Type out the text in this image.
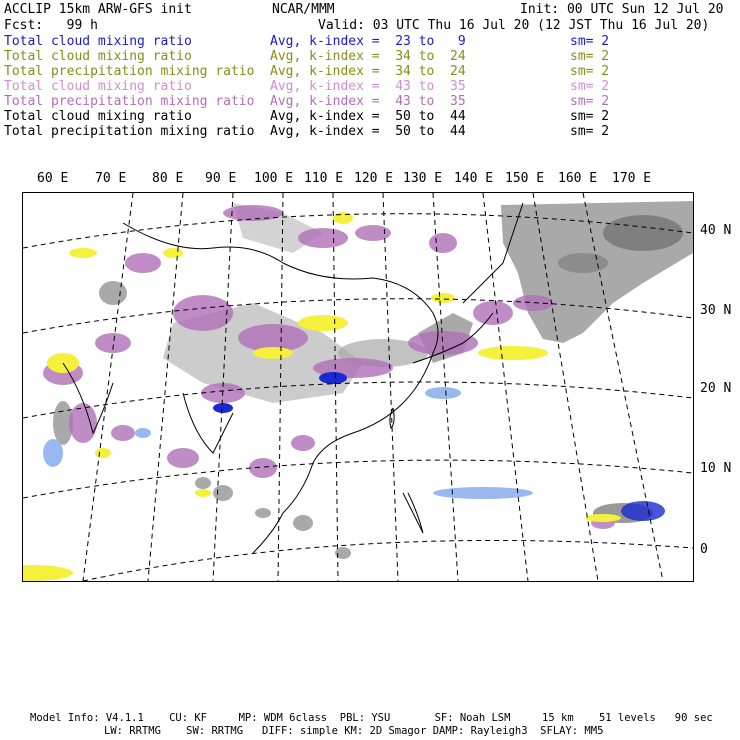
ACCLIP 15km ARW-GFS init	NCAR/MMM	Init: 00 UTC Sun 12 Jul 20
Fcst:   99 h	Valid: 03 UTC Thu 16 Jul 20 (12 JST Thu 16 Jul 20)
Total cloud mixing ratio	Avg, k-index =  23 to   9	sm= 2
Total cloud mixing ratio	Avg, k-index =  34 to  24	sm= 2
Total precipitation mixing ratio Avg, k-index =  34 to  24	sm= 2
Total cloud mixing ratio	Avg, k-index =  43 to  35	sm= 2
Total precipitation mixing ratio Avg, k-index =  43 to  35	sm= 2
Total cloud mixing ratio	Avg, k-index =  50 to  44	sm= 2
Total precipitation mixing ratio Avg, k-index =  50 to  44	sm= 2
60 E 70 E 80 E 90 E 100 E 110 E 120 E 130 E 140 E 150 E 160 E 170 E
40 N
30 N
20 N
10 N
0
Model Info: V4.1.1    CU: KF     MP: WDM 6class  PBL: YSU       SF: Noah LSM     15 km    51 levels   90 sec
LW: RRTMG    SW: RRTMG   DIFF: simple KM: 2D Smagor DAMP: Rayleigh3  SFLAY: MM5
